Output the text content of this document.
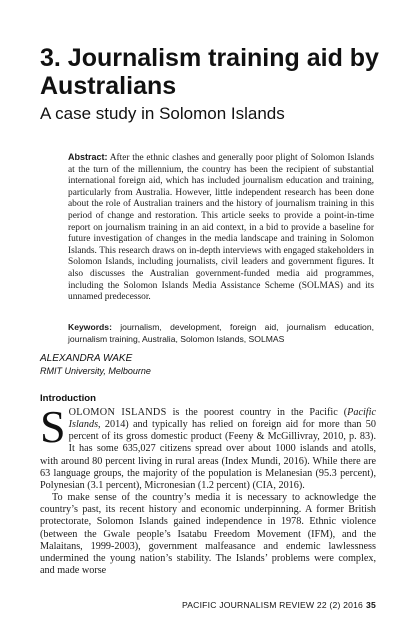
3. Journalism training aid by Australians
A case study in Solomon Islands
Abstract: After the ethnic clashes and generally poor plight of Solomon Islands at the turn of the millennium, the country has been the recipient of substantial international foreign aid, which has included journalism education and training, particularly from Australia. However, little independent research has been done about the role of Australian trainers and the history of journalism training in this period of change and restoration. This article seeks to provide a point-in-time report on journalism training in an aid context, in a bid to provide a baseline for future investigation of changes in the media landscape and training in Solomon Islands. This research draws on in-depth interviews with engaged stakeholders in Solomon Islands, including journalists, civil leaders and government figures. It also discusses the Australian government-funded media aid programmes, including the Solomon Islands Media Assistance Scheme (SOLMAS) and its unnamed predecessor.
Keywords: journalism, development, foreign aid, journalism education, journalism training, Australia, Solomon Islands, SOLMAS
ALEXANDRA WAKE
RMIT University, Melbourne
Introduction

SOLOMON ISLANDS is the poorest country in the Pacific (Pacific Islands, 2014) and typically has relied on foreign aid for more than 50 percent of its gross domestic product (Feeny & McGillivray, 2010, p. 83). It has some 635,027 citizens spread over about 1000 islands and atolls, with around 80 percent living in rural areas (Index Mundi, 2016). While there are 63 language groups, the majority of the population is Melanesian (95.3 percent), Polynesian (3.1 percent), Micronesian (1.2 percent) (CIA, 2016).

To make sense of the country’s media it is necessary to acknowledge the country’s past, its recent history and economic underpinning. A former British protectorate, Solomon Islands gained independence in 1978. Ethnic violence (between the Gwale people’s Isatabu Freedom Movement (IFM), and the Malaitans, 1999-2003), government malfeasance and endemic lawlessness undermined the young nation’s stability. The Islands’ problems were complex, and made worse

PACIFIC JOURNALISM REVIEW 22 (2) 2016 35
